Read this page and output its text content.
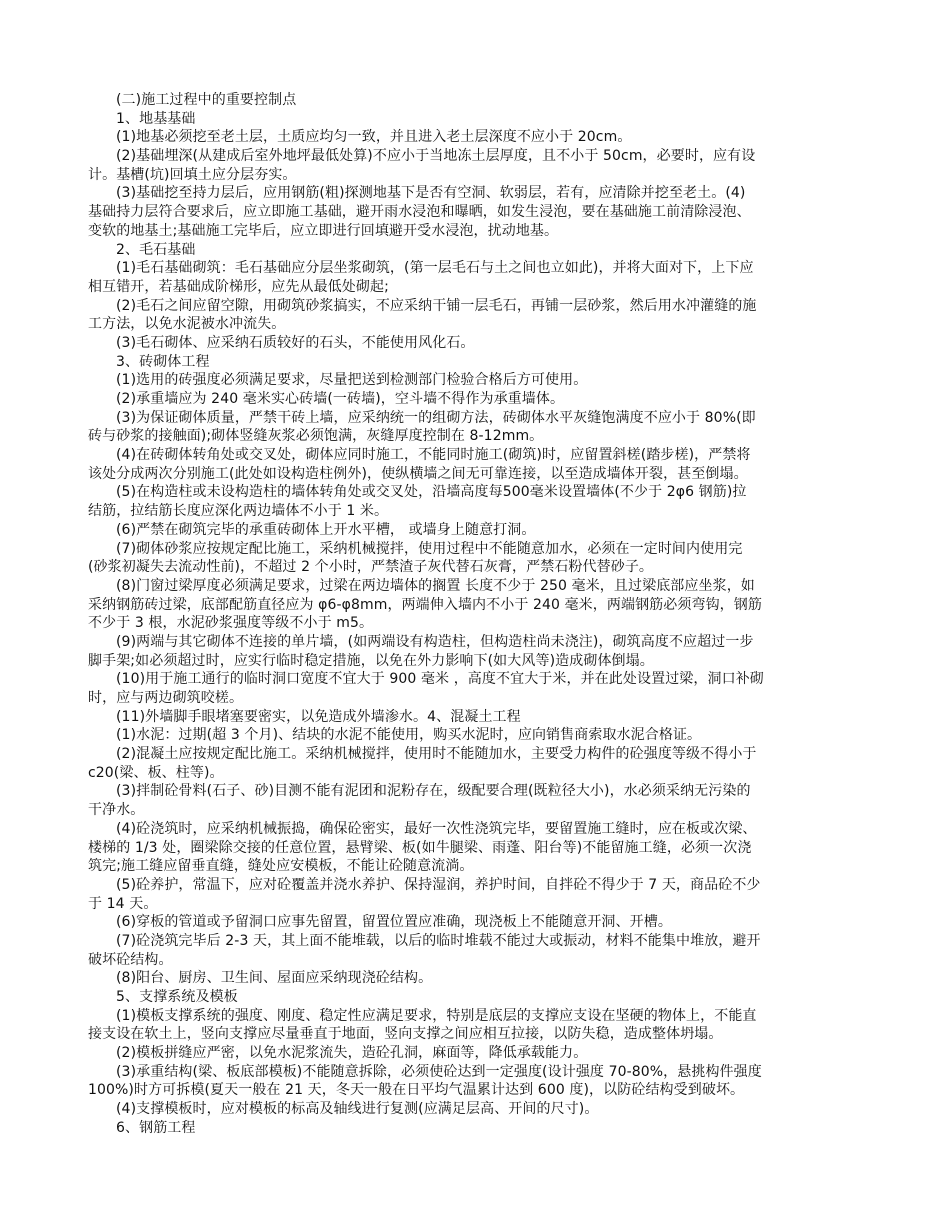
(二)施工过程中的重要控制点
1、地基基础
(1)地基必须挖至老土层，土质应均匀一致，并且进入老土层深度不应小于 20cm。
(2)基础埋深(从建成后室外地坪最低处算)不应小于当地冻土层厚度，且不小于 50cm，必要时，应有设
计。基槽(坑)回填土应分层夯实。
(3)基础挖至持力层后，应用钢筋(粗)探测地基下是否有空洞、软弱层，若有，应清除并挖至老土。(4)
基础持力层符合要求后，应立即施工基础，避开雨水浸泡和曝晒，如发生浸泡，要在基础施工前清除浸泡、
变软的地基土;基础施工完毕后，应立即进行回填避开受水浸泡，扰动地基。
2、毛石基础
(1)毛石基础砌筑：毛石基础应分层坐浆砌筑，(第一层毛石与土之间也立如此)，并将大面对下，上下应
相互错开，若基础成阶梯形，应先从最低处砌起;
(2)毛石之间应留空隙，用砌筑砂浆搞实，不应采纳干铺一层毛石，再铺一层砂浆，然后用水冲灌缝的施
工方法，以免水泥被水冲流失。
(3)毛石砌体、应采纳石质较好的石头，不能使用风化石。
3、砖砌体工程
(1)选用的砖强度必须满足要求，尽量把送到检测部门检验合格后方可使用。
(2)承重墙应为 240 毫米实心砖墙(一砖墙)，空斗墙不得作为承重墙体。
(3)为保证砌体质量，严禁干砖上墙，应采纳统一的组砌方法，砖砌体水平灰缝饱满度不应小于 80%(即
砖与砂浆的接触面);砌体竖缝灰浆必须饱满，灰缝厚度控制在 8-12mm。
(4)在砖砌体转角处或交叉处，砌体应同时施工，不能同时施工(砌筑)时，应留置斜槎(踏步槎)，严禁将
该处分成两次分别施工(此处如设构造柱例外)，使纵横墙之间无可靠连接，以至造成墙体开裂，甚至倒塌。
(5)在构造柱或未设构造柱的墙体转角处或交叉处，沿墙高度每500毫米设置墙体(不少于 2φ6 钢筋)拉
结筋，拉结筋长度应深化两边墙体不小于 1 米。
(6)严禁在砌筑完毕的承重砖砌体上开水平槽， 或墙身上随意打洞。
(7)砌体砂浆应按规定配比施工，采纳机械搅拌，使用过程中不能随意加水，必须在一定时间内使用完
(砂浆初凝失去流动性前)，不超过 2 个小时，严禁渣子灰代替石灰膏，严禁石粉代替砂子。
(8)门窗过梁厚度必须满足要求，过梁在两边墙体的搁置 长度不少于 250 毫米，且过梁底部应坐浆，如
采纳钢筋砖过梁，底部配筋直径应为 φ6-φ8mm，两端伸入墙内不小于 240 毫米，两端钢筋必须弯钩，钢筋
不少于 3 根，水泥砂浆强度等级不小于 m5。
(9)两端与其它砌体不连接的单片墙，(如两端设有构造柱，但构造柱尚未浇注)，砌筑高度不应超过一步
脚手架;如必须超过时，应实行临时稳定措施，以免在外力影响下(如大风等)造成砌体倒塌。
(10)用于施工通行的临时洞口宽度不宜大于 900 毫米 ，高度不宜大于米，并在此处设置过梁，洞口补砌
时，应与两边砌筑咬槎。
(11)外墙脚手眼堵塞要密实，以免造成外墙渗水。4、混凝土工程
(1)水泥：过期(超 3 个月)、结块的水泥不能使用，购买水泥时，应向销售商索取水泥合格证。
(2)混凝土应按规定配比施工。采纳机械搅拌，使用时不能随加水，主要受力构件的砼强度等级不得小于
c20(梁、板、柱等)。
(3)拌制砼骨料(石子、砂)目测不能有泥团和泥粉存在，级配要合理(既粒径大小)，水必须采纳无污染的
干净水。
(4)砼浇筑时，应采纳机械振捣，确保砼密实，最好一次性浇筑完毕，要留置施工缝时，应在板或次梁、
楼梯的 1/3 处，圈梁除交接的任意位置，悬臂梁、板(如牛腿梁、雨蓬、阳台等)不能留施工缝，必须一次浇
筑完;施工缝应留垂直缝，缝处应安模板，不能让砼随意流淌。
(5)砼养护，常温下，应对砼覆盖并浇水养护、保持湿润，养护时间，自拌砼不得少于 7 天，商品砼不少
于 14 天。
(6)穿板的管道或予留洞口应事先留置，留置位置应准确，现浇板上不能随意开洞、开槽。
(7)砼浇筑完毕后 2-3 天，其上面不能堆载，以后的临时堆载不能过大或振动，材料不能集中堆放，避开
破坏砼结构。
(8)阳台、厨房、卫生间、屋面应采纳现浇砼结构。
5、支撑系统及模板
(1)模板支撑系统的强度、刚度、稳定性应满足要求，特别是底层的支撑应支设在坚硬的物体上，不能直
接支设在软土上，竖向支撑应尽量垂直于地面，竖向支撑之间应相互拉接，以防失稳，造成整体坍塌。
(2)模板拼缝应严密，以免水泥浆流失，造砼孔洞，麻面等，降低承载能力。
(3)承重结构(梁、板底部模板)不能随意拆除，必须使砼达到一定强度(设计强度 70-80%，悬挑构件强度
100%)时方可拆模(夏天一般在 21 天，冬天一般在日平均气温累计达到 600 度)，以防砼结构受到破坏。
(4)支撑模板时，应对模板的标高及轴线进行复测(应满足层高、开间的尺寸)。
6、钢筋工程
